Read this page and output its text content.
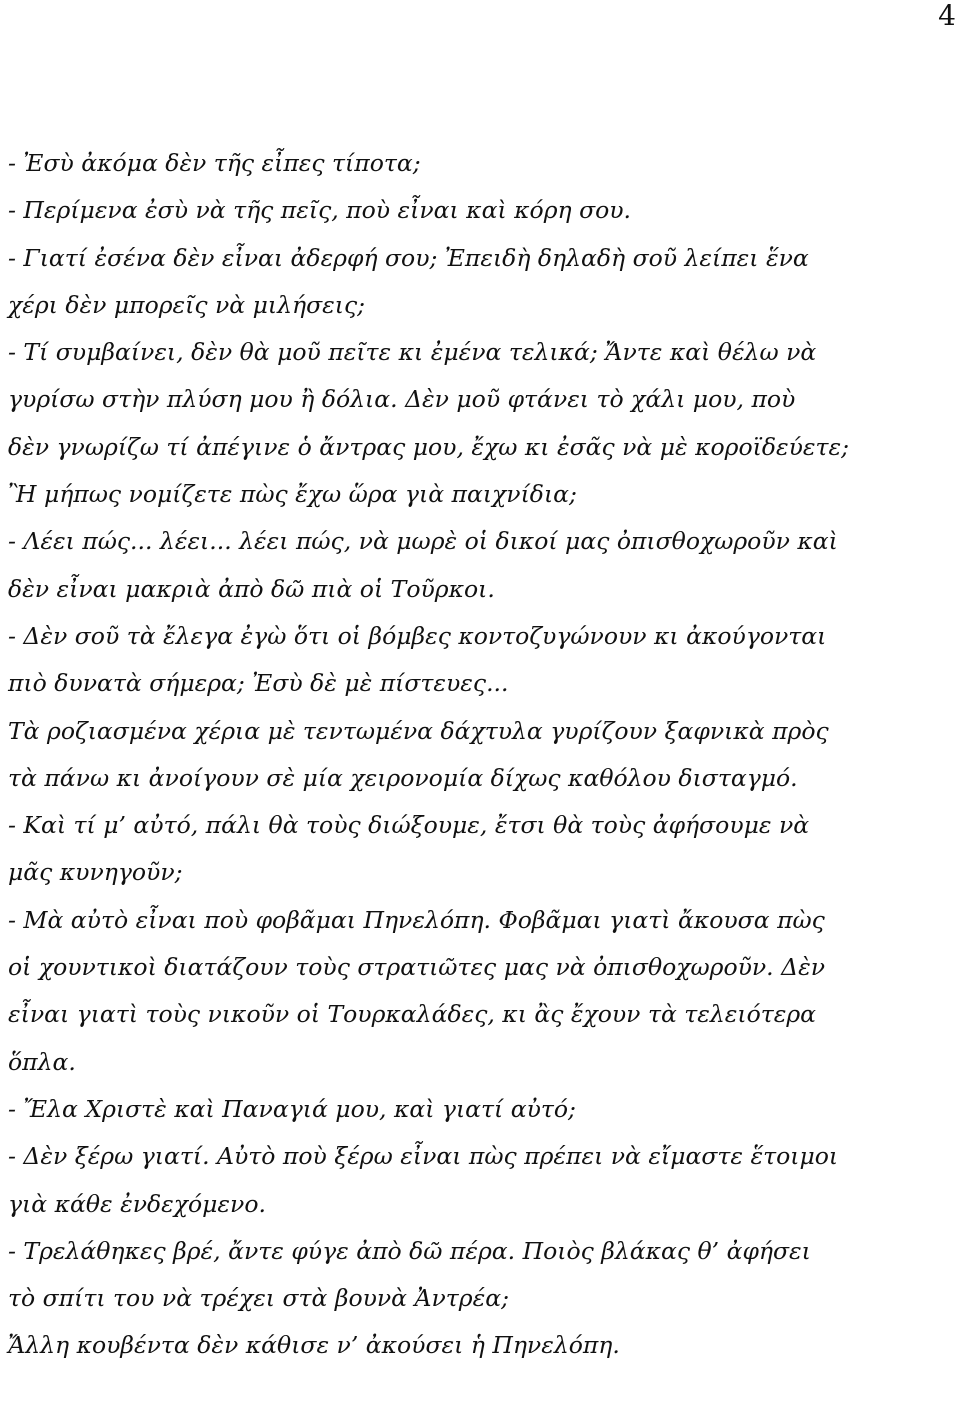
4
- Ἐσὺ ἀκόμα δὲν τῆς εἶπες τίποτα;
- Περίμενα ἐσὺ νὰ τῆς πεῖς, ποὺ εἶναι καὶ κόρη σου.
- Γιατί ἐσένα δὲν εἶναι ἀδερφή σου; Ἐπειδὴ δηλαδὴ σοῦ λείπει ἕνα
χέρι δὲν μπορεῖς νὰ μιλήσεις;
- Τί συμβαίνει, δὲν θὰ μοῦ πεῖτε κι ἐμένα τελικά; Ἄντε καὶ θέλω νὰ
γυρίσω στὴν πλύση μου ἢ δόλια. Δὲν μοῦ φτάνει τὸ χάλι μου, ποὺ
δὲν γνωρίζω τί ἀπέγινε ὁ ἄντρας μου, ἔχω κι ἐσᾶς νὰ μὲ κοροϊδεύετε;
Ἢ μήπως νομίζετε πὼς ἔχω ὥρα γιὰ παιχνίδια;
- Λέει πώς... λέει... λέει πώς, νὰ μωρὲ οἱ δικοί μας ὀπισθοχωροῦν καὶ
δὲν εἶναι μακριὰ ἀπὸ δῶ πιὰ οἱ Τοῦρκοι.
- Δὲν σοῦ τὰ ἔλεγα ἐγὼ ὅτι οἱ βόμβες κοντοζυγώνουν κι ἀκούγονται
πιὸ δυνατὰ σήμερα; Ἐσὺ δὲ μὲ πίστευες...
Τὰ ροζιασμένα χέρια μὲ τεντωμένα δάχτυλα γυρίζουν ξαφνικὰ πρὸς
τὰ πάνω κι ἀνοίγουν σὲ μία χειρονομία δίχως καθόλου δισταγμό.
- Καὶ τί μ’ αὐτό, πάλι θὰ τοὺς διώξουμε, ἔτσι θὰ τοὺς ἀφήσουμε νὰ
μᾶς κυνηγοῦν;
- Μὰ αὐτὸ εἶναι ποὺ φοβᾶμαι Πηνελόπη. Φοβᾶμαι γιατὶ ἄκουσα πὼς
οἱ χουντικοὶ διατάζουν τοὺς στρατιῶτες μας νὰ ὀπισθοχωροῦν. Δὲν
εἶναι γιατὶ τοὺς νικοῦν οἱ Τουρκαλάδες, κι ἂς ἔχουν τὰ τελειότερα
ὅπλα.
- Ἔλα Χριστὲ καὶ Παναγιά μου, καὶ γιατί αὐτό;
- Δὲν ξέρω γιατί. Αὐτὸ ποὺ ξέρω εἶναι πὼς πρέπει νὰ εἴμαστε ἕτοιμοι
γιὰ κάθε ἐνδεχόμενο.
- Τρελάθηκες βρέ, ἄντε φύγε ἀπὸ δῶ πέρα. Ποιὸς βλάκας θ’ ἀφήσει
τὸ σπίτι του νὰ τρέχει στὰ βουνὰ Ἀντρέα;
Ἄλλη κουβέντα δὲν κάθισε ν’ ἀκούσει ἡ Πηνελόπη.
